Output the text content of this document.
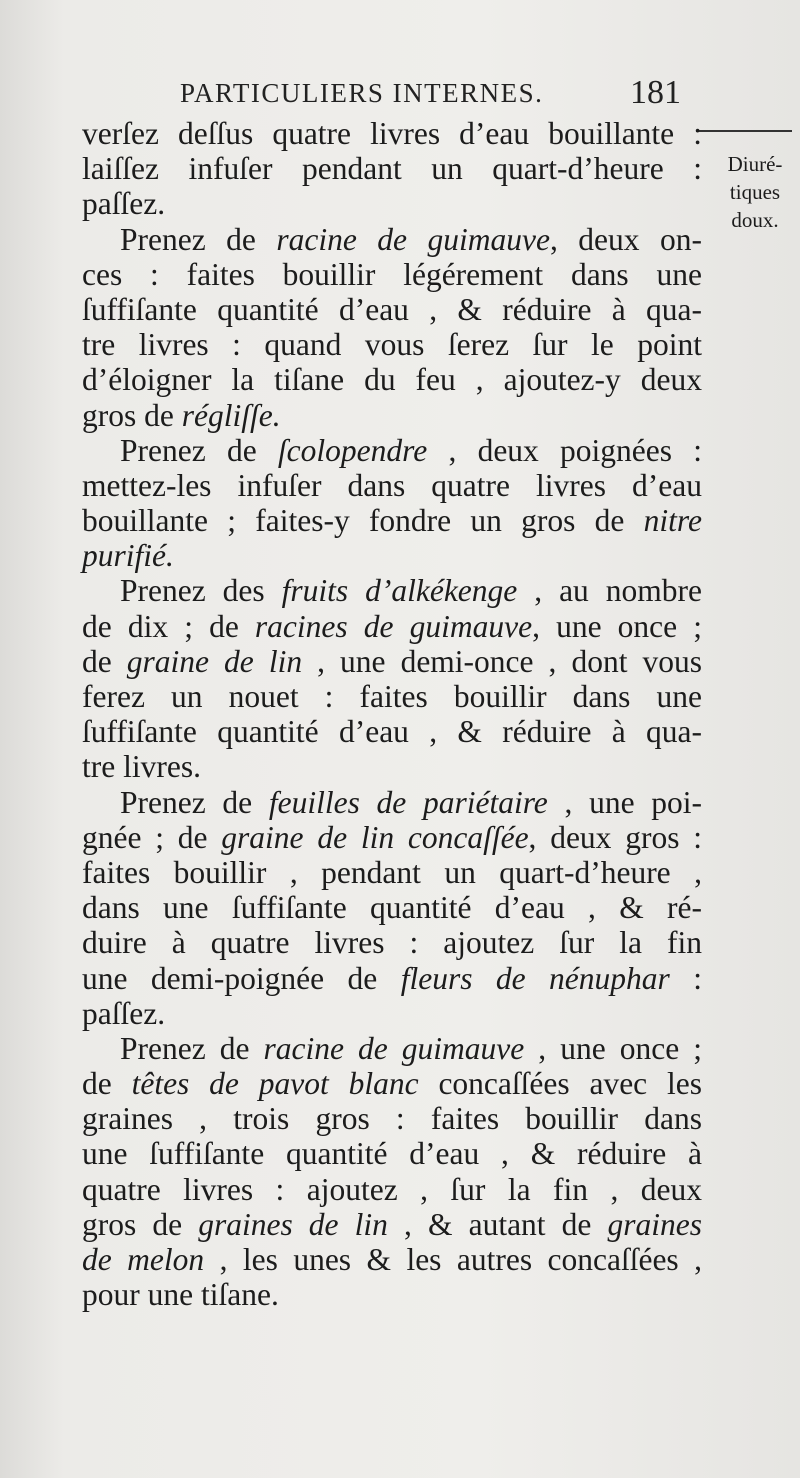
PARTICULIERS INTERNES.	181
Diuré-
tiques
doux.
verſez deſſus quatre livres d’eau bouillante :
laiſſez infuſer pendant un quart-d’heure :
paſſez.
Prenez de racine de guimauve, deux on-
ces : faites bouillir légérement dans une
ſuffiſante quantité d’eau , & réduire à qua-
tre livres : quand vous ſerez ſur le point
d’éloigner la tiſane du feu , ajoutez-y deux
gros de régliſſe.
Prenez de ſcolopendre , deux poignées :
mettez-les infuſer dans quatre livres d’eau
bouillante ; faites-y fondre un gros de nitre
purifié.
Prenez des fruits d’alkékenge , au nombre
de dix ; de racines de guimauve, une once ;
de graine de lin , une demi-once , dont vous
ferez un nouet : faites bouillir dans une
ſuffiſante quantité d’eau , & réduire à qua-
tre livres.
Prenez de feuilles de pariétaire , une poi-
gnée ; de graine de lin concaſſée, deux gros :
faites bouillir , pendant un quart-d’heure ,
dans une ſuffiſante quantité d’eau , & ré-
duire à quatre livres : ajoutez ſur la fin
une demi-poignée de fleurs de nénuphar :
paſſez.
Prenez de racine de guimauve , une once ;
de têtes de pavot blanc concaſſées avec les
graines , trois gros : faites bouillir dans
une ſuffiſante quantité d’eau , & réduire à
quatre livres : ajoutez , ſur la fin , deux
gros de graines de lin , & autant de graines
de melon , les unes & les autres concaſſées ,
pour une tiſane.
